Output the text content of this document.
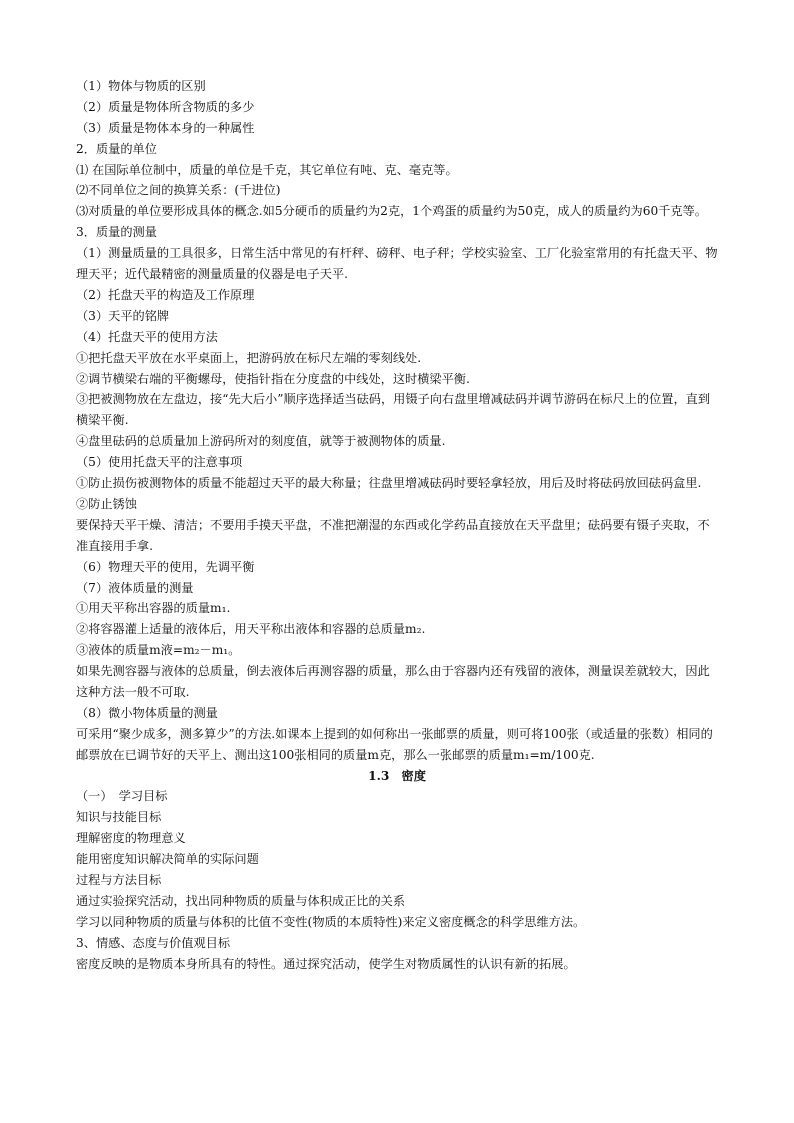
（1）物体与物质的区别
（2）质量是物体所含物质的多少
（3）质量是物体本身的一种属性
2．质量的单位
⑴ 在国际单位制中，质量的单位是千克，其它单位有吨、克、毫克等。
⑵不同单位之间的换算关系：(千进位)
⑶对质量的单位要形成具体的概念.如5分硬币的质量约为2克，1个鸡蛋的质量约为50克，成人的质量约为60千克等。
3．质量的测量
（1）测量质量的工具很多，日常生活中常见的有杆秤、磅秤、电子秤；学校实验室、工厂化验室常用的有托盘天平、物理天平；近代最精密的测量质量的仪器是电子天平.
（2）托盘天平的构造及工作原理
（3）天平的铭牌
（4）托盘天平的使用方法
①把托盘天平放在水平桌面上，把游码放在标尺左端的零刻线处.
②调节横梁右端的平衡螺母，使指针指在分度盘的中线处，这时横梁平衡.
③把被测物放在左盘边，接“先大后小”顺序选择适当砝码，用镊子向右盘里增减砝码并调节游码在标尺上的位置，直到横梁平衡.
④盘里砝码的总质量加上游码所对的刻度值，就等于被测物体的质量.
（5）使用托盘天平的注意事项
①防止损伤被测物体的质量不能超过天平的最大称量；往盘里增减砝码时要轻拿轻放，用后及时将砝码放回砝码盒里.
②防止锈蚀
要保持天平干燥、清洁；不要用手摸天平盘，不准把潮湿的东西或化学药品直接放在天平盘里；砝码要有镊子夹取，不准直接用手拿.
（6）物理天平的使用，先调平衡
（7）液体质量的测量
①用天平称出容器的质量m₁.
②将容器灌上适量的液体后，用天平称出液体和容器的总质量m₂.
③液体的质量m液=m₂－m₁。
如果先测容器与液体的总质量，倒去液体后再测容器的质量，那么由于容器内还有残留的液体，测量误差就较大，因此这种方法一般不可取.
（8）微小物体质量的测量
可采用“聚少成多，测多算少”的方法.如课本上提到的如何称出一张邮票的质量，则可将100张（或适量的张数）相同的邮票放在已调节好的天平上、测出这100张相同的质量m克，那么一张邮票的质量m₁=m/100克.
1.3　密度
（一）　学习目标
知识与技能目标
理解密度的物理意义
能用密度知识解决简单的实际问题
过程与方法目标
通过实验探究活动，找出同种物质的质量与体积成正比的关系
学习以同种物质的质量与体积的比值不变性(物质的本质特性)来定义密度概念的科学思维方法。
3、情感、态度与价值观目标
密度反映的是物质本身所具有的特性。通过探究活动，使学生对物质属性的认识有新的拓展。
